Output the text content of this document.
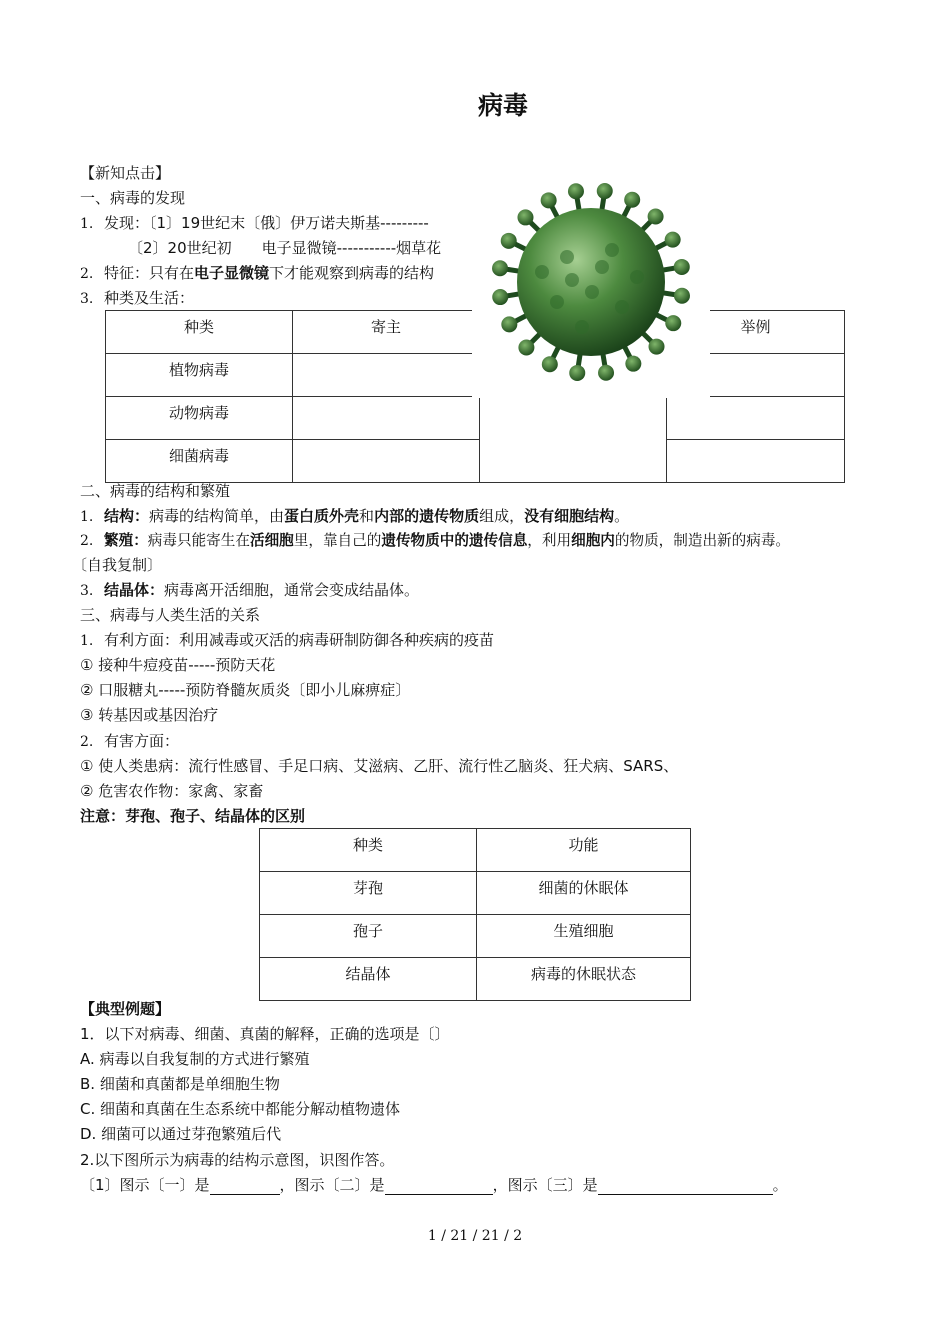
病毒
【新知点击】
一、病毒的发现
1. 发现：〔1〕19世纪末〔俄〕伊万诺夫斯基---------
〔2〕20世纪初　　电子显微镜-----------烟草花
2. 特征：只有在电子显微镜下才能观察到病毒的结构
3. 种类及生活：
种类	寄主		举例
植物病毒			
动物病毒			
细菌病毒			
二、病毒的结构和繁殖
1. 结构：病毒的结构简单，由蛋白质外壳和内部的遗传物质组成，没有细胞结构。
2. 繁殖：病毒只能寄生在活细胞里，靠自己的遗传物质中的遗传信息，利用细胞内的物质，制造出新的病毒。
〔自我复制〕
3. 结晶体：病毒离开活细胞，通常会变成结晶体。
三、病毒与人类生活的关系
1. 有利方面：利用减毒或灭活的病毒研制防御各种疾病的疫苗
① 接种牛痘疫苗-----预防天花
② 口服糖丸-----预防脊髓灰质炎〔即小儿麻痹症〕
③ 转基因或基因治疗
2. 有害方面：
① 使人类患病：流行性感冒、手足口病、艾滋病、乙肝、流行性乙脑炎、狂犬病、SARS、
② 危害农作物：家禽、家畜
注意：芽孢、孢子、结晶体的区别
种类	功能
芽孢	细菌的休眠体
孢子	生殖细胞
结晶体	病毒的休眠状态
【典型例题】
1．以下对病毒、细菌、真菌的解释，正确的选项是〔〕
A. 病毒以自我复制的方式进行繁殖
B. 细菌和真菌都是单细胞生物
C. 细菌和真菌在生态系统中都能分解动植物遗体
D. 细菌可以通过芽孢繁殖后代
2.以下图所示为病毒的结构示意图，识图作答。
〔1〕图示〔一〕是	，图示〔二〕是	，图示〔三〕是	。
1 / 21 / 21 / 2
